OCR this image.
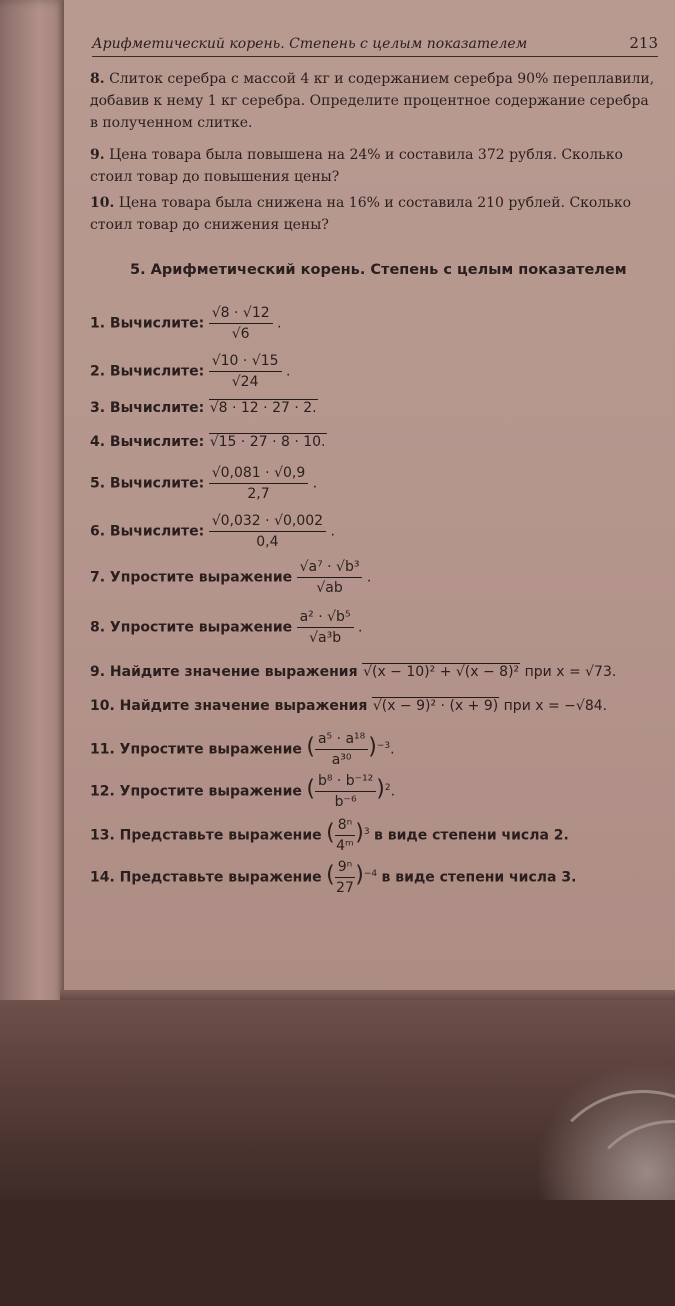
Арифметический корень. Степень с целым показателем	213
8. Слиток серебра с массой 4 кг и содержанием серебра 90% переплавили, добавив к нему 1 кг серебра. Определите процентное содержание серебра в полученном слитке.
9. Цена товара была повышена на 24% и составила 372 рубля. Сколько стоил товар до повышения цены?
10. Цена товара была снижена на 16% и составила 210 рублей. Сколько стоил товар до снижения цены?
5. Арифметический корень. Степень с целым показателем
1. Вычислите: $\frac{√8 \cdot √12}{√6}$ .
2. Вычислите: $\frac{√10 \cdot √15}{√24}$ .
3. Вычислите: √8 · 12 · 27 · 2.
4. Вычислите: √15 · 27 · 8 · 10.
5. Вычислите: $\frac{√0,081 \cdot √0,9}{2,7}$ .
6. Вычислите: $\frac{√0,032 \cdot √0,002}{0,4}$ .
7. Упростите выражение $\frac{\text{√a⁷ · √b³}}{√ab}$ .
8. Упростите выражение $\frac{\text{a² · √b⁵}}{\text{√a³b}}$ .
9. Найдите значение выражения √(x − 10)² + √(x − 8)² при x = √73.
10. Найдите значение выражения √(x − 9)² · (x + 9) при x = −√84.
11. Упростите выражение ( $\frac{\text{a⁵ · a¹⁸}}{\text{a³⁰}} )^{-3}$.
12. Упростите выражение ( $\frac{\text{b⁸ · b⁻¹²}}{\text{b⁻⁶}} )^2$.
13. Представьте выражение ( $\frac{\text{8ⁿ}}{\text{4ᵐ}} )^3$ в виде степени числа 2.
14. Представьте выражение ( $\frac{\text{9ⁿ}}{27} )^{-4}$ в виде степени числа 3.
